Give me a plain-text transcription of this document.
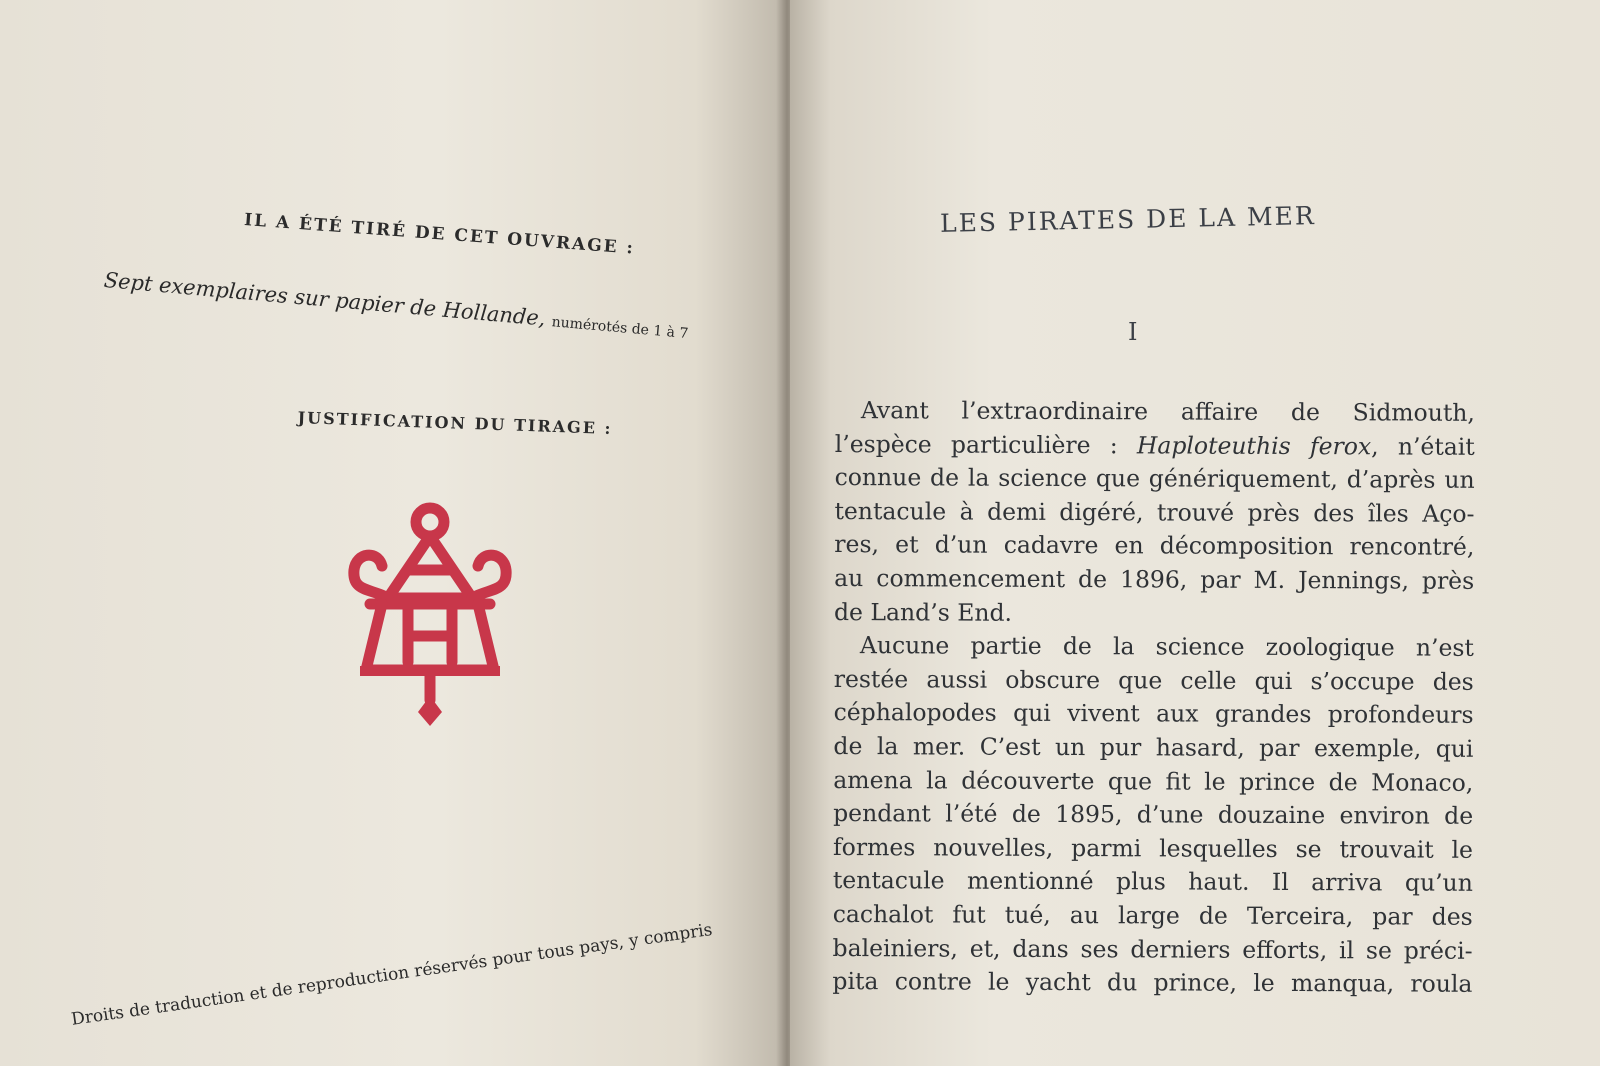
IL A ÉTÉ TIRÉ DE CET OUVRAGE :
Sept exemplaires sur papier de Hollande, numérotés de 1 à 7
JUSTIFICATION DU TIRAGE :
Droits de traduction et de reproduction réservés pour tous pays, y compris
LES PIRATES DE LA MER
I
Avant l’extraordinaire affaire de Sidmouth,
l’espèce particulière : Haploteuthis ferox, n’était
connue de la science que génériquement, d’après un
tentacule à demi digéré, trouvé près des îles Aço-
res, et d’un cadavre en décomposition rencontré,
au commencement de 1896, par M. Jennings, près
de Land’s End.
Aucune partie de la science zoologique n’est
restée aussi obscure que celle qui s’occupe des
céphalopodes qui vivent aux grandes profondeurs
de la mer. C’est un pur hasard, par exemple, qui
amena la découverte que fit le prince de Monaco,
pendant l’été de 1895, d’une douzaine environ de
formes nouvelles, parmi lesquelles se trouvait le
tentacule mentionné plus haut. Il arriva qu’un
cachalot fut tué, au large de Terceira, par des
baleiniers, et, dans ses derniers efforts, il se préci-
pita contre le yacht du prince, le manqua, roula
